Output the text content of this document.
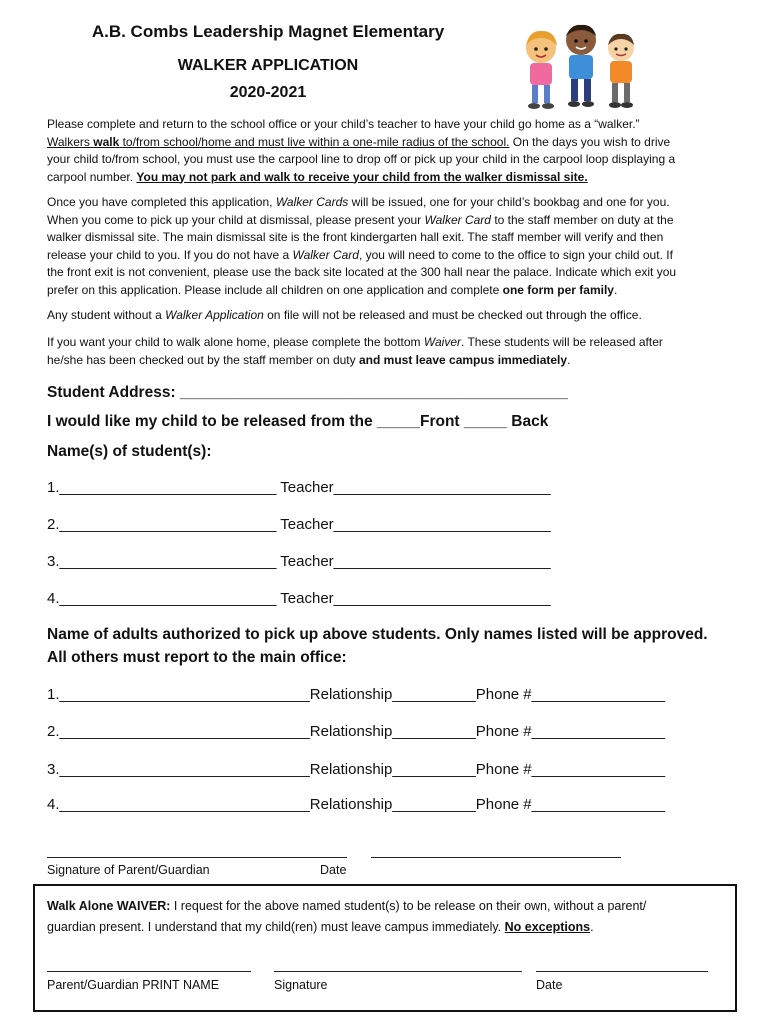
A.B. Combs Leadership Magnet Elementary
WALKER APPLICATION
2020-2021
Please complete and return to the school office or your child’s teacher to have your child go home as a “walker.”
Walkers walk to/from school/home and must live within a one-mile radius of the school. On the days you wish to drive
your child to/from school, you must use the carpool line to drop off or pick up your child in the carpool loop displaying a
carpool number. You may not park and walk to receive your child from the walker dismissal site.
Once you have completed this application, Walker Cards will be issued, one for your child’s bookbag and one for you.
When you come to pick up your child at dismissal, please present your Walker Card to the staff member on duty at the
walker dismissal site. The main dismissal site is the front kindergarten hall exit. The staff member will verify and then
release your child to you. If you do not have a Walker Card, you will need to come to the office to sign your child out. If
the front exit is not convenient, please use the back site located at the 300 hall near the palace. Indicate which exit you
prefer on this application. Please include all children on one application and complete one form per family.
Any student without a Walker Application on file will not be released and must be checked out through the office.
If you want your child to walk alone home, please complete the bottom Waiver. These students will be released after
he/she has been checked out by the staff member on duty and must leave campus immediately.
Student Address: _____________________________________________
I would like my child to be released from the _____Front _____ Back
Name(s) of student(s):
1.__________________________ Teacher__________________________
2.__________________________ Teacher__________________________
3.__________________________ Teacher__________________________
4.__________________________ Teacher__________________________
Name of adults authorized to pick up above students. Only names listed will be approved.
All others must report to the main office:
1.______________________________Relationship__________Phone #________________
2.______________________________Relationship__________Phone #________________
3.______________________________Relationship__________Phone #________________
4.______________________________Relationship__________Phone #________________
Signature of Parent/Guardian	Date
Walk Alone WAIVER: I request for the above named student(s) to be release on their own, without a parent/
guardian present. I understand that my child(ren) must leave campus immediately. No exceptions.
Parent/Guardian PRINT NAME	Signature	Date
